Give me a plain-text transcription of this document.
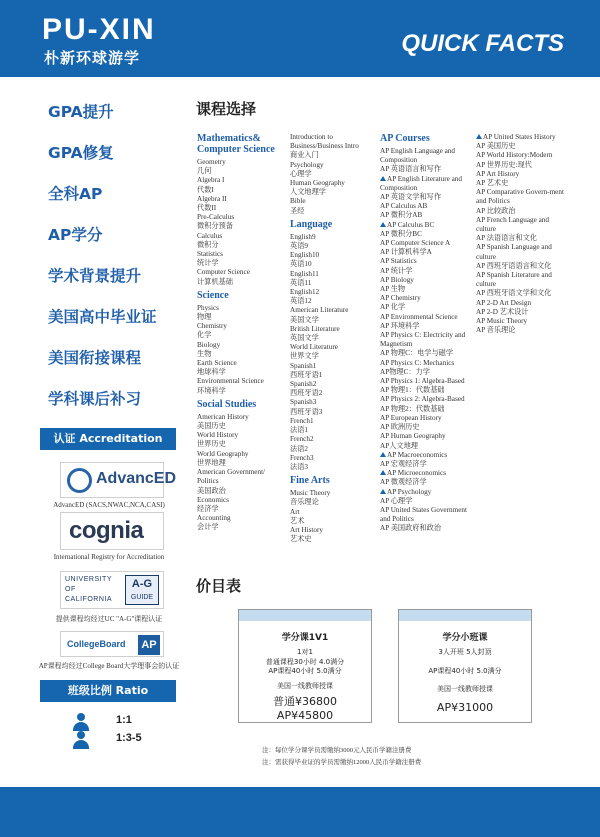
PU-XIN
朴新环球游学
QUICK FACTS
GPA提升
GPA修复
全科AP
AP学分
学术背景提升
美国高中毕业证
美国衔接课程
学科课后补习
认证 Accreditation
AdvancED
AdvancED (SACS,NWAC,NCA,CASI)
cognia
International Registry for Accreditation
UNIVERSITY
OF
CALIFORNIA
A-G
GUIDE
提供课程均经过UC "A-G"课程认证
CollegeBoard	AP
AP课程均经过College Board大学理事会的认证
班级比例 Ratio
1:1
1:3-5
课程选择
Mathematics& Computer Science
Geometry
几何
Algebra I
代数I
Algebra II
代数II
Pre-Calculus
微积分预备
Calculus
微积分
Statistics
统计学
Computer Science
计算机基础
Science
Physics
物理
Chemistry
化学
Biology
生物
Earth Science
地球科学
Environmental Science
环境科学
Social Studies
American History
美国历史
World History
世界历史
World Geography
世界地理
American Government/ Politics
美国政治
Economics
经济学
Accounting
会计学
Introduction to Business/Business Intro
商业入门
Psychology
心理学
Human Geography
人文地理学
Bible
圣经
Language
English9
英语9
English10
英语10
English11
英语11
English12
英语12
American Literature
美国文学
British Literature
英国文学
World Literature
世界文学
Spanish1
西班牙语1
Spanish2
西班牙语2
Spanish3
西班牙语3
French1
法语1
French2
法语2
French3
法语3
Fine Arts
Music Theory
音乐理论
Art
艺术
Art History
艺术史
AP Courses
AP English Language and Composition
AP 英语语言和写作
AP English Literature and Composition
AP 英语文学和写作
AP Calculus AB
AP 微积分AB
AP Calculus BC
AP 微积分BC
AP Computer Science A
AP 计算机科学A
AP Statistics
AP 统计学
AP Biology
AP 生物
AP Chemistry
AP 化学
AP Environmental Science
AP 环境科学
AP Physics C: Electricity and Magnetism
AP 物理C：电学与磁学
AP Physics C: Mechanics
AP物理C：力学
AP Physics 1: Algebra-Based
AP 物理1：代数基础
AP Physics 2: Algebra-Based
AP 物理2：代数基础
AP European History
AP 欧洲历史
AP Human Geography
AP人文地理
AP Macroeconomics
AP 宏观经济学
AP Microeconomics
AP 微观经济学
AP Psychology
AP 心理学
AP United States Government and Politics
AP 美国政府和政治
AP United States History
AP 美国历史
AP World History:Modern
AP 世界历史:现代
AP Art History
AP 艺术史
AP Comparative Govern-ment and Politics
AP 比较政治
AP French Language and culture
AP 法语语言和文化
AP Spanish Language and culture
AP 西班牙语语言和文化
AP Spanish Literature and culture
AP 西班牙语文学和文化
AP 2-D Art Design
AP 2-D 艺术设计
AP Music Theory
AP 音乐理论
价目表
学分课1V1
1对1
普通课程30小时 4.0满分
AP课程40小时 5.0满分
美国一线教师授课
普通¥36800
AP¥45800
学分小班课
3人开班 5人封顶
AP课程40小时 5.0满分
美国一线教师授课
AP¥31000
注：每位学分课学员需缴纳3000元人民币学籍注册费
注：需获得毕业证的学员需缴纳12000人民币学籍注册费
